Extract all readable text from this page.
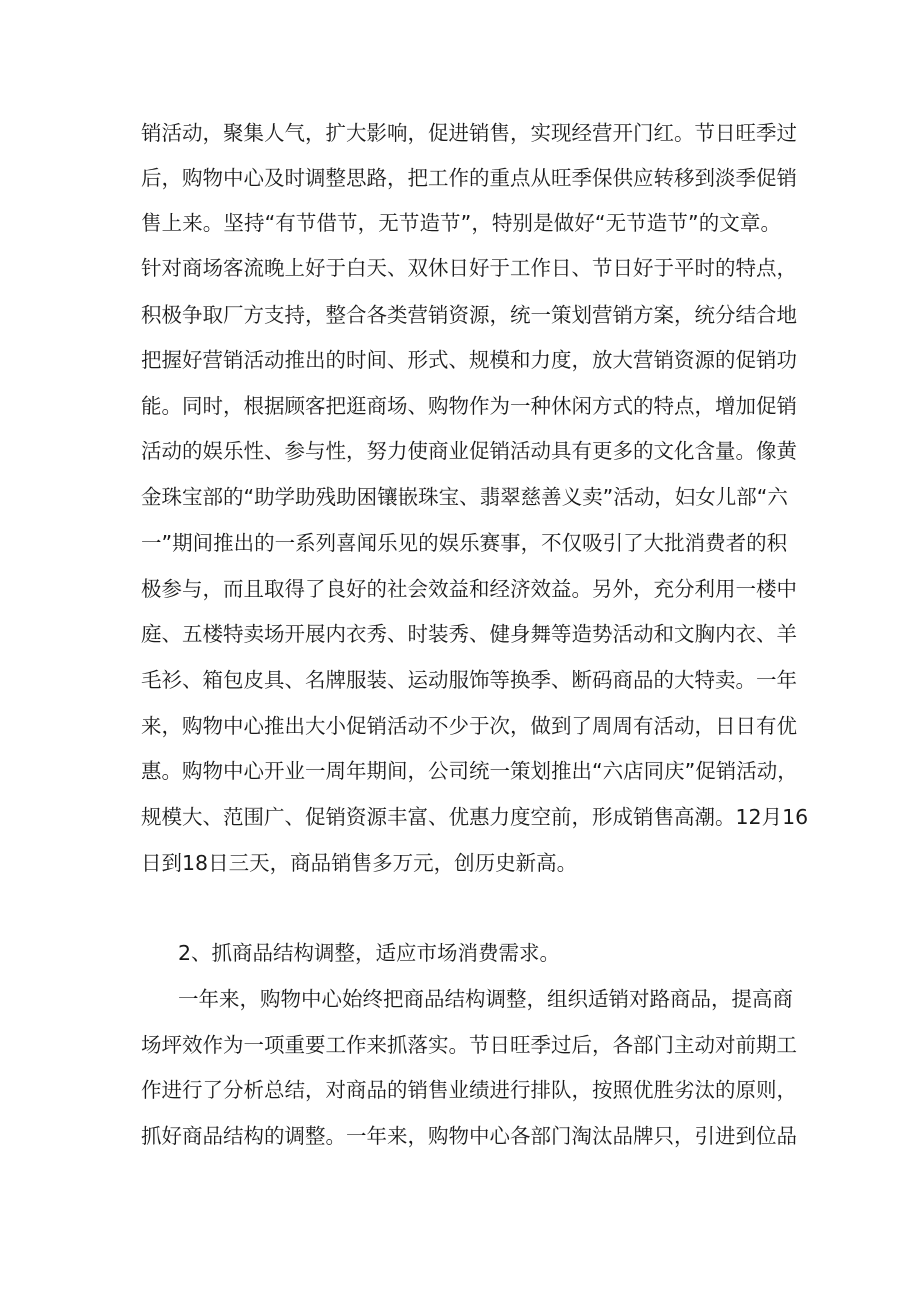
销活动，聚集人气，扩大影响，促进销售，实现经营开门红。节日旺季过
后，购物中心及时调整思路，把工作的重点从旺季保供应转移到淡季促销
售上来。坚持“有节借节，无节造节”，特别是做好“无节造节”的文章。
针对商场客流晚上好于白天、双休日好于工作日、节日好于平时的特点，
积极争取厂方支持，整合各类营销资源，统一策划营销方案，统分结合地
把握好营销活动推出的时间、形式、规模和力度，放大营销资源的促销功
能。同时，根据顾客把逛商场、购物作为一种休闲方式的特点，增加促销
活动的娱乐性、参与性，努力使商业促销活动具有更多的文化含量。像黄
金珠宝部的“助学助残助困镶嵌珠宝、翡翠慈善义卖”活动，妇女儿部“六
一”期间推出的一系列喜闻乐见的娱乐赛事，不仅吸引了大批消费者的积
极参与，而且取得了良好的社会效益和经济效益。另外，充分利用一楼中
庭、五楼特卖场开展内衣秀、时装秀、健身舞等造势活动和文胸内衣、羊
毛衫、箱包皮具、名牌服装、运动服饰等换季、断码商品的大特卖。一年
来，购物中心推出大小促销活动不少于次，做到了周周有活动，日日有优
惠。购物中心开业一周年期间，公司统一策划推出“六店同庆”促销活动，
规模大、范围广、促销资源丰富、优惠力度空前，形成销售高潮。12月16
日到18日三天，商品销售多万元，创历史新高。
2、抓商品结构调整，适应市场消费需求。
一年来，购物中心始终把商品结构调整，组织适销对路商品，提高商
场坪效作为一项重要工作来抓落实。节日旺季过后，各部门主动对前期工
作进行了分析总结，对商品的销售业绩进行排队，按照优胜劣汰的原则，
抓好商品结构的调整。一年来，购物中心各部门淘汰品牌只，引进到位品
